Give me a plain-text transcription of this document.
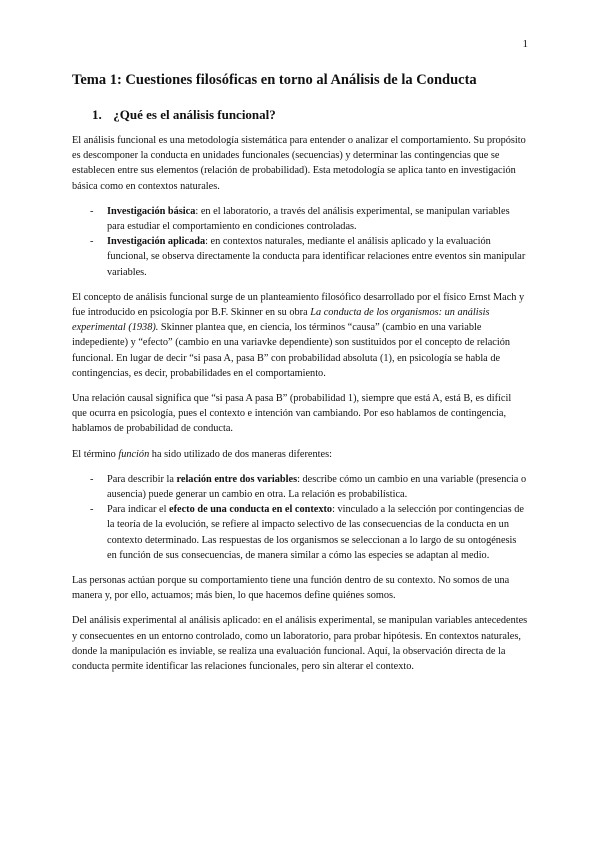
1
Tema 1: Cuestiones filosóficas en torno al Análisis de la Conducta
1. ¿Qué es el análisis funcional?

El análisis funcional es una metodología sistemática para entender o analizar el comportamiento. Su propósito es descomponer la conducta en unidades funcionales (secuencias) y determinar las contingencias que se establecen entre sus elementos (relación de probabilidad). Esta metodología se aplica tanto en investigación básica como en contextos naturales.

- Investigación básica: en el laboratorio, a través del análisis experimental, se manipulan variables para estudiar el comportamiento en condiciones controladas.
- Investigación aplicada: en contextos naturales, mediante el análisis aplicado y la evaluación funcional, se observa directamente la conducta para identificar relaciones entre eventos sin manipular variables.

El concepto de análisis funcional surge de un planteamiento filosófico desarrollado por el físico Ernst Mach y fue introducido en psicología por B.F. Skinner en su obra La conducta de los organismos: un análisis experimental (1938). Skinner plantea que, en ciencia, los términos “causa” (cambio en una variable indepediente) y “efecto” (cambio en una variavke dependiente) son sustituidos por el concepto de relación funcional. En lugar de decir “si pasa A, pasa B” con probabilidad absoluta (1), en psicología se habla de contingencias, es decir, probabilidades en el comportamiento.

Una relación causal significa que “si pasa A pasa B” (probabilidad 1), siempre que está A, está B, es difícil que ocurra en psicología, pues el contexto e intención van cambiando. Por eso hablamos de contingencia, hablamos de probabilidad de conducta.

El término función ha sido utilizado de dos maneras diferentes:

- Para describir la relación entre dos variables: describe cómo un cambio en una variable (presencia o ausencia) puede generar un cambio en otra. La relación es probabilística.
- Para indicar el efecto de una conducta en el contexto: vinculado a la selección por contingencias de la teoría de la evolución, se refiere al impacto selectivo de las consecuencias de la conducta en un contexto determinado. Las respuestas de los organismos se seleccionan a lo largo de su ontogénesis en función de sus consecuencias, de manera similar a cómo las especies se adaptan al medio.

Las personas actúan porque su comportamiento tiene una función dentro de su contexto. No somos de una manera y, por ello, actuamos; más bien, lo que hacemos define quiénes somos.

Del análisis experimental al análisis aplicado: en el análisis experimental, se manipulan variables antecedentes y consecuentes en un entorno controlado, como un laboratorio, para probar hipótesis. En contextos naturales, donde la manipulación es inviable, se realiza una evaluación funcional. Aquí, la observación directa de la conducta permite identificar las relaciones funcionales, pero sin alterar el contexto.
